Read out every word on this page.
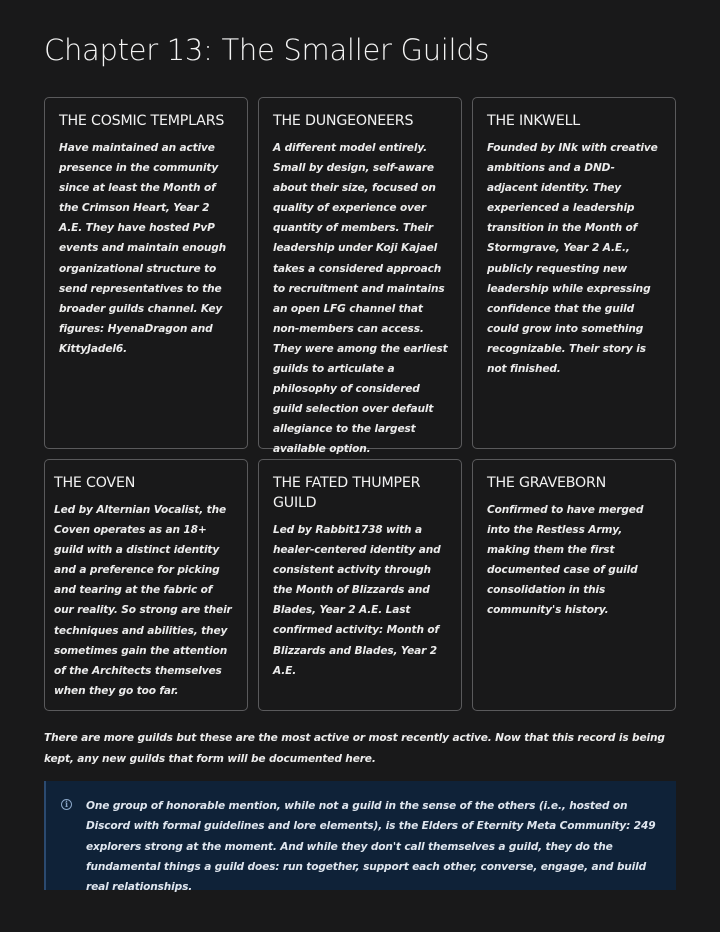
Chapter 13: The Smaller Guilds
THE COSMIC TEMPLARS

Have maintained an active presence in the community since at least the Month of the Crimson Heart, Year 2 A.E. They have hosted PvP events and maintain enough organizational structure to send representatives to the broader guilds channel. Key figures: HyenaDragon and KittyJadel6.

THE DUNGEONEERS

A different model entirely. Small by design, self-aware about their size, focused on quality of experience over quantity of members. Their leadership under Koji Kajael takes a considered approach to recruitment and maintains an open LFG channel that non-members can access. They were among the earliest guilds to articulate a philosophy of considered guild selection over default allegiance to the largest available option.

THE INKWELL

Founded by INk with creative ambitions and a DND-adjacent identity. They experienced a leadership transition in the Month of Stormgrave, Year 2 A.E., publicly requesting new leadership while expressing confidence that the guild could grow into something recognizable. Their story is not finished.

THE COVEN

Led by Alternian Vocalist, the Coven operates as an 18+ guild with a distinct identity and a preference for picking and tearing at the fabric of our reality. So strong are their techniques and abilities, they sometimes gain the attention of the Architects themselves when they go too far.

THE FATED THUMPER GUILD

Led by Rabbit1738 with a healer-centered identity and consistent activity through the Month of Blizzards and Blades, Year 2 A.E. Last confirmed activity: Month of Blizzards and Blades, Year 2 A.E.

THE GRAVEBORN

Confirmed to have merged into the Restless Army, making them the first documented case of guild consolidation in this community's history.

There are more guilds but these are the most active or most recently active. Now that this record is being kept, any new guilds that form will be documented here.

i	One group of honorable mention, while not a guild in the sense of the others (i.e., hosted on Discord with formal guidelines and lore elements), is the Elders of Eternity Meta Community: 249 explorers strong at the moment. And while they don't call themselves a guild, they do the fundamental things a guild does: run together, support each other, converse, engage, and build real relationships.
